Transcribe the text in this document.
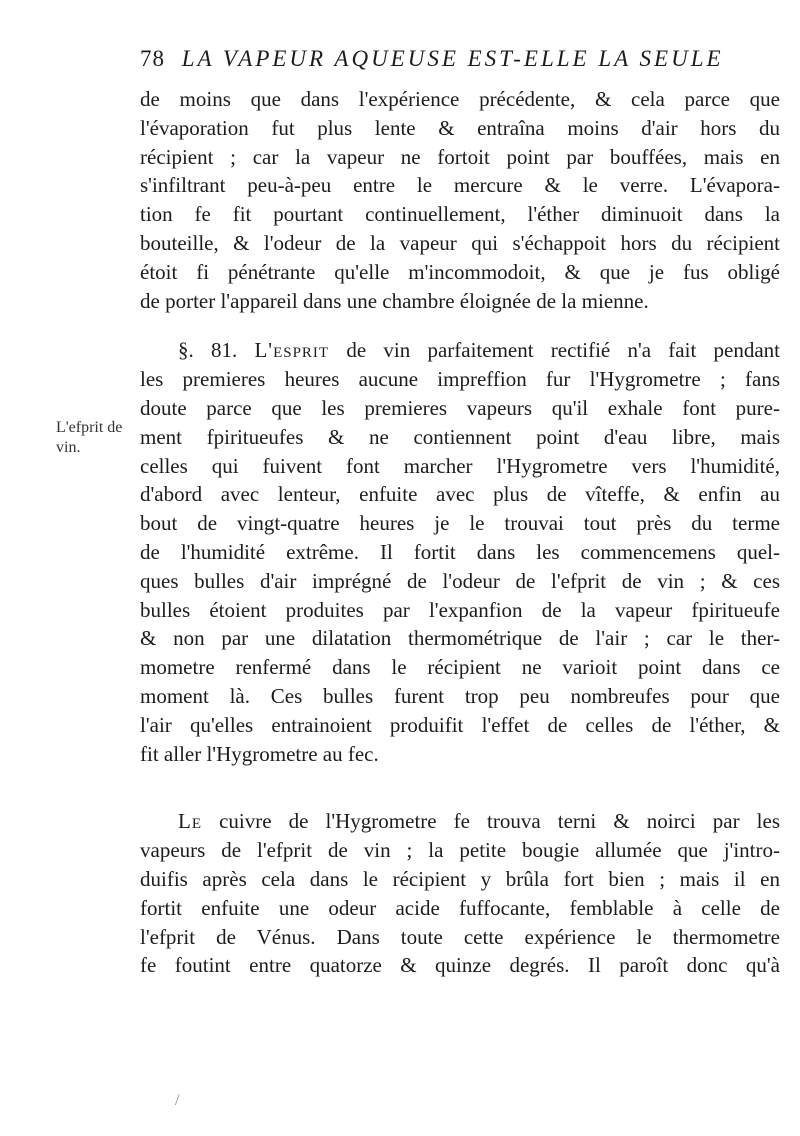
78 LA VAPEUR AQUEUSE EST-ELLE LA SEULE
L'efprit de
vin.
de moins que dans l'expérience précédente, & cela parce que
l'évaporation fut plus lente & entraîna moins d'air hors du
récipient ; car la vapeur ne fortoit point par bouffées, mais en
s'infiltrant peu-à-peu entre le mercure & le verre. L'évapora-
tion fe fit pourtant continuellement, l'éther diminuoit dans la
bouteille, & l'odeur de la vapeur qui s'échappoit hors du récipient
étoit fi pénétrante qu'elle m'incommodoit, & que je fus obligé
de porter l'appareil dans une chambre éloignée de la mienne.
§. 81. L'esprit de vin parfaitement rectifié n'a fait pendant
les premieres heures aucune impreffion fur l'Hygrometre ; fans
doute parce que les premieres vapeurs qu'il exhale font pure-
ment fpiritueufes & ne contiennent point d'eau libre, mais
celles qui fuivent font marcher l'Hygrometre vers l'humidité,
d'abord avec lenteur, enfuite avec plus de vîteffe, & enfin au
bout de vingt-quatre heures je le trouvai tout près du terme
de l'humidité extrême. Il fortit dans les commencemens quel-
ques bulles d'air imprégné de l'odeur de l'efprit de vin ; & ces
bulles étoient produites par l'expanfion de la vapeur fpiritueufe
& non par une dilatation thermométrique de l'air ; car le ther-
mometre renfermé dans le récipient ne varioit point dans ce
moment là. Ces bulles furent trop peu nombreufes pour que
l'air qu'elles entrainoient produifit l'effet de celles de l'éther, &
fit aller l'Hygrometre au fec.
Le cuivre de l'Hygrometre fe trouva terni & noirci par les
vapeurs de l'efprit de vin ; la petite bougie allumée que j'intro-
duifis après cela dans le récipient y brûla fort bien ; mais il en
fortit enfuite une odeur acide fuffocante, femblable à celle de
l'efprit de Vénus. Dans toute cette expérience le thermometre
fe foutint entre quatorze & quinze degrés. Il paroît donc qu'à
/
